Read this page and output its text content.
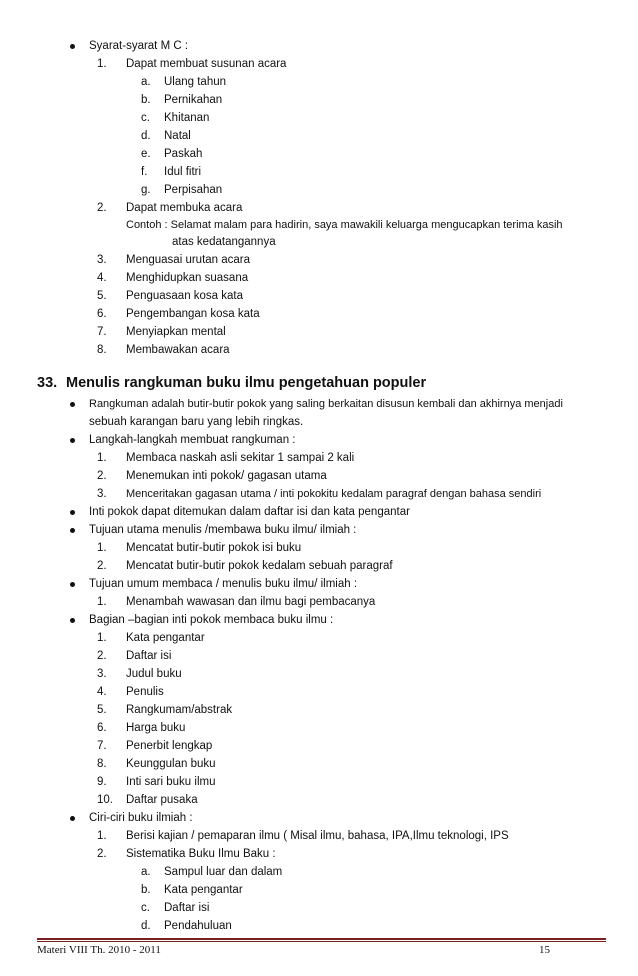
Syarat-syarat M C :
1. Dapat membuat susunan acara
a. Ulang tahun
b. Pernikahan
c. Khitanan
d. Natal
e. Paskah
f. Idul fitri
g. Perpisahan
2. Dapat membuka acara
Contoh : Selamat malam para hadirin, saya mawakili keluarga mengucapkan terima kasih
atas kedatangannya
3. Menguasai urutan acara
4. Menghidupkan suasana
5. Penguasaan kosa kata
6. Pengembangan kosa kata
7. Menyiapkan mental
8. Membawakan acara
33. Menulis rangkuman buku ilmu pengetahuan populer
Rangkuman adalah butir-butir pokok yang saling berkaitan disusun kembali dan akhirnya menjadi
sebuah karangan baru yang lebih ringkas.
Langkah-langkah membuat rangkuman :
1. Membaca naskah asli sekitar 1 sampai 2 kali
2. Menemukan inti pokok/ gagasan utama
3. Menceritakan gagasan utama / inti pokokitu kedalam paragraf dengan bahasa sendiri
Inti pokok dapat ditemukan dalam daftar isi dan kata pengantar
Tujuan utama menulis /membawa buku ilmu/ ilmiah :
1. Mencatat butir-butir pokok isi buku
2. Mencatat butir-butir pokok kedalam sebuah paragraf
Tujuan umum membaca / menulis buku ilmu/ ilmiah :
1. Menambah wawasan dan ilmu bagi pembacanya
Bagian –bagian inti pokok membaca buku ilmu :
1. Kata pengantar
2. Daftar isi
3. Judul buku
4. Penulis
5. Rangkumam/abstrak
6. Harga buku
7. Penerbit lengkap
8. Keunggulan buku
9. Inti sari buku ilmu
10. Daftar pusaka
Ciri-ciri buku ilmiah :
1. Berisi kajian / pemaparan ilmu ( Misal ilmu, bahasa, IPA,Ilmu teknologi, IPS
2. Sistematika Buku Ilmu Baku :
a. Sampul luar dan dalam
b. Kata pengantar
c. Daftar isi
d. Pendahuluan
Materi VIII Th. 2010 - 2011	15
